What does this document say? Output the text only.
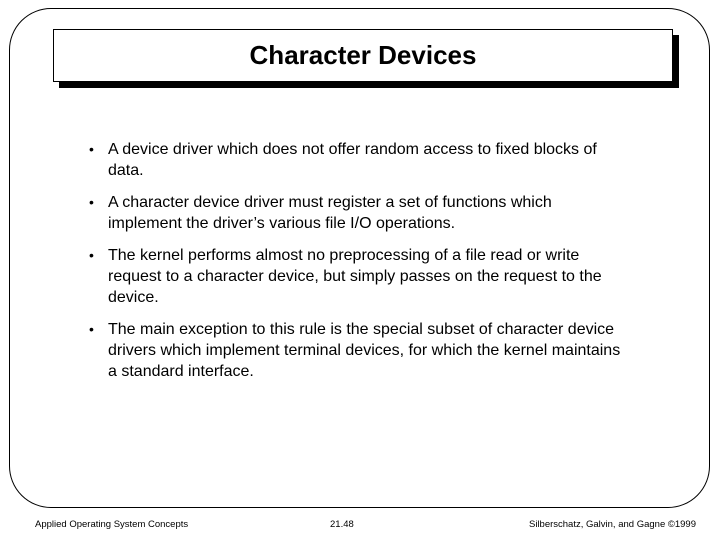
Character Devices
• A device driver which does not offer random access to fixed blocks of data.
• A character device driver must register a set of functions which implement the driver’s various file I/O operations.
• The kernel performs almost no preprocessing of a file read or write request to a character device, but simply passes on the request to the device.
• The main exception to this rule is the special subset of character device drivers which implement terminal devices, for which the kernel maintains a standard interface.
Applied Operating System Concepts	21.48	Silberschatz, Galvin, and Gagne ©1999
